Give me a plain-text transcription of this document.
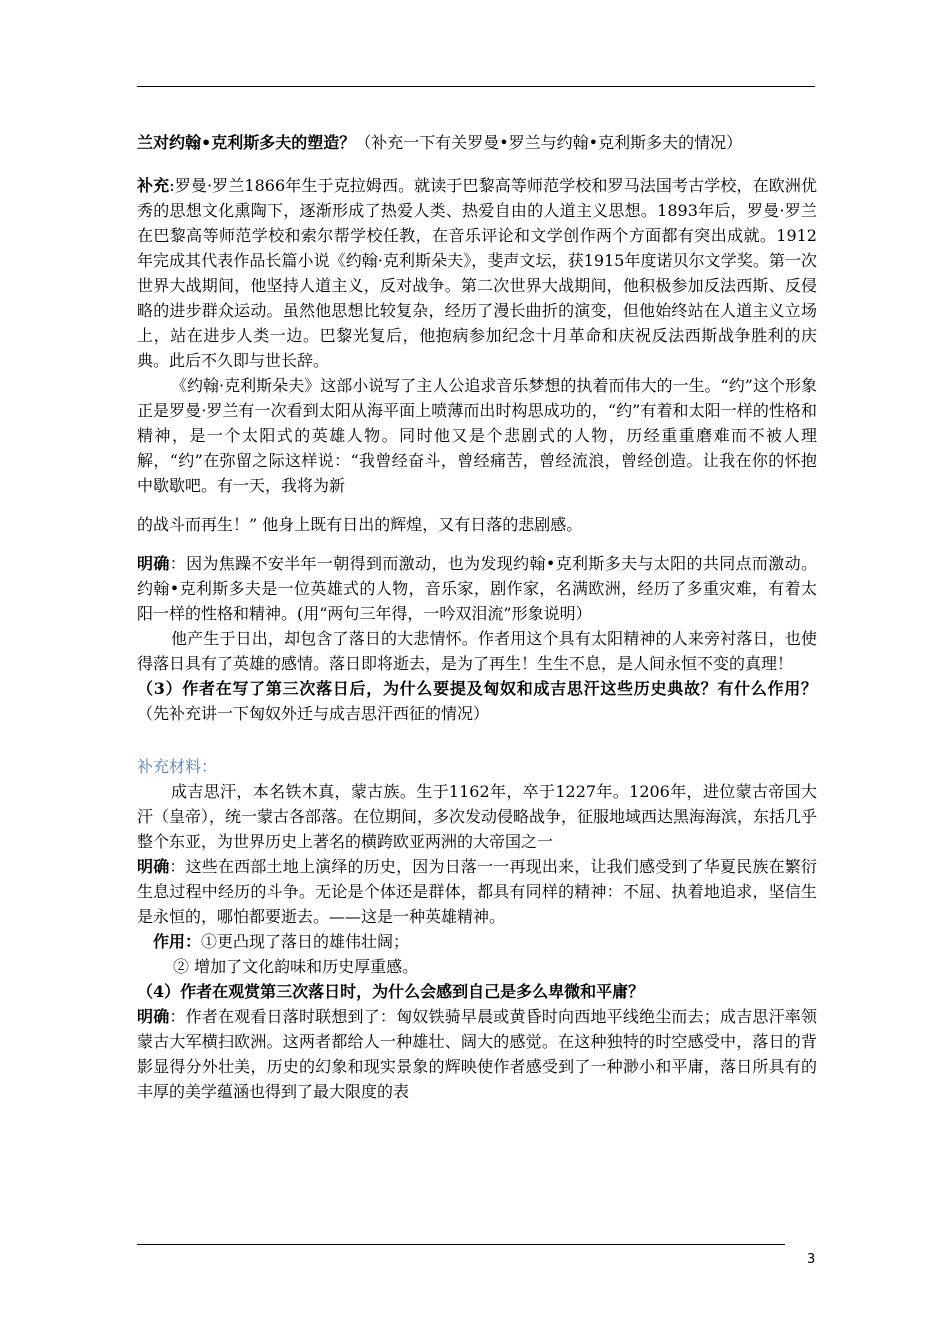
兰对约翰•克利斯多夫的塑造？（补充一下有关罗曼•罗兰与约翰•克利斯多夫的情况）

补充:罗曼·罗兰1866年生于克拉姆西。就读于巴黎高等师范学校和罗马法国考古学校，在欧洲优秀的思想文化熏陶下，逐渐形成了热爱人类、热爱自由的人道主义思想。1893年后，罗曼·罗兰在巴黎高等师范学校和索尔帮学校任教，在音乐评论和文学创作两个方面都有突出成就。1912年完成其代表作品长篇小说《约翰·克利斯朵夫》，斐声文坛，获1915年度诺贝尔文学奖。第一次世界大战期间，他坚持人道主义，反对战争。第二次世界大战期间，他积极参加反法西斯、反侵略的进步群众运动。虽然他思想比较复杂，经历了漫长曲折的演变，但他始终站在人道主义立场上，站在进步人类一边。巴黎光复后，他抱病参加纪念十月革命和庆祝反法西斯战争胜利的庆典。此后不久即与世长辞。

《约翰·克利斯朵夫》这部小说写了主人公追求音乐梦想的执着而伟大的一生。“约”这个形象正是罗曼·罗兰有一次看到太阳从海平面上喷薄而出时构思成功的，“约”有着和太阳一样的性格和精神，是一个太阳式的英雄人物。同时他又是个悲剧式的人物，历经重重磨难而不被人理解，“约”在弥留之际这样说：“我曾经奋斗，曾经痛苦，曾经流浪，曾经创造。让我在你的怀抱中歇歇吧。有一天，我将为新

的战斗而再生！” 他身上既有日出的辉煌，又有日落的悲剧感。

明确：因为焦躁不安半年一朝得到而激动，也为发现约翰•克利斯多夫与太阳的共同点而激动。约翰•克利斯多夫是一位英雄式的人物，音乐家，剧作家，名满欧洲，经历了多重灾难，有着太阳一样的性格和精神。(用“两句三年得，一吟双泪流”形象说明）

他产生于日出，却包含了落日的大悲情怀。作者用这个具有太阳精神的人来旁衬落日，也使得落日具有了英雄的感情。落日即将逝去，是为了再生！生生不息，是人间永恒不变的真理！

（3）作者在写了第三次落日后，为什么要提及匈奴和成吉思汗这些历史典故？有什么作用？（先补充讲一下匈奴外迁与成吉思汗西征的情况）

补充材料：

成吉思汗，本名铁木真，蒙古族。生于1162年，卒于1227年。1206年，进位蒙古帝国大汗（皇帝），统一蒙古各部落。在位期间，多次发动侵略战争，征服地域西达黑海海滨，东括几乎整个东亚，为世界历史上著名的横跨欧亚两洲的大帝国之一

明确：这些在西部土地上演绎的历史，因为日落一一再现出来，让我们感受到了华夏民族在繁衍生息过程中经历的斗争。无论是个体还是群体，都具有同样的精神：不屈、执着地追求，坚信生是永恒的，哪怕都要逝去。——这是一种英雄精神。

作用：①更凸现了落日的雄伟壮阔；

② 增加了文化韵味和历史厚重感。

（4）作者在观赏第三次落日时，为什么会感到自己是多么卑微和平庸？

明确：作者在观看日落时联想到了：匈奴铁骑早晨或黄昏时向西地平线绝尘而去；成吉思汗率领蒙古大军横扫欧洲。这两者都给人一种雄壮、阔大的感觉。在这种独特的时空感受中，落日的背影显得分外壮美，历史的幻象和现实景象的辉映使作者感受到了一种渺小和平庸，落日所具有的丰厚的美学蕴涵也得到了最大限度的表

3
